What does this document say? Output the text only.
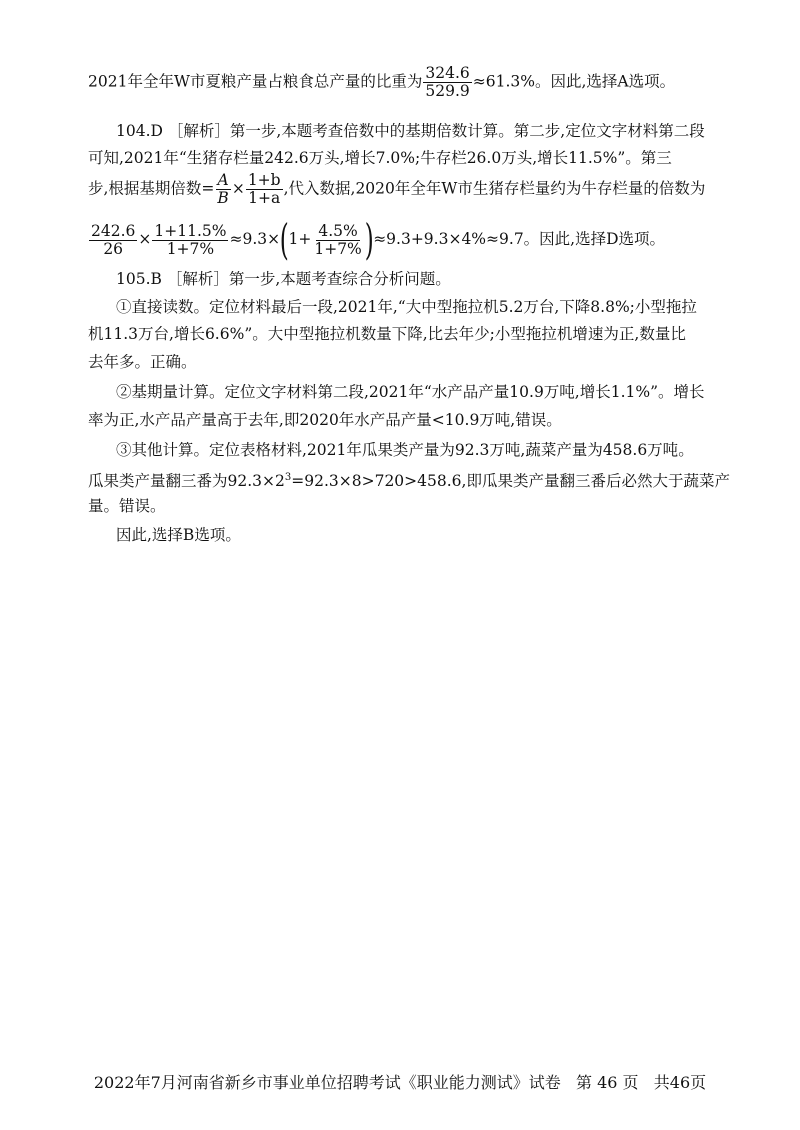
2021年全年W市夏粮产量占粮食总产量的比重为 $\frac{324.6}{529.9} \approx 61.3\%$。因此,选择A选项。
104.D ［解析］第一步,本题考查倍数中的基期倍数计算。第二步,定位文字材料第二段
可知,2021年“生猪存栏量242.6万头,增长7.0%;牛存栏26.0万头,增长11.5%”。第三
步,根据基期倍数= $\frac{A}{B} \times \frac{1+b}{1+a}$ ,代入数据,2020年全年W市生猪存栏量约为牛存栏量的倍数为
$\frac{242.6}{26} \times \frac{1+11.5\%}{1+7\%} \approx 9.3\times(1+ \frac{4.5\%}{1+7\%} )\approx 9.3+9.3\times 4\%\approx 9.7$。因此,选择D选项。
105.B ［解析］第一步,本题考查综合分析问题。
①直接读数。定位材料最后一段,2021年,“大中型拖拉机5.2万台,下降8.8%;小型拖拉
机11.3万台,增长6.6%”。大中型拖拉机数量下降,比去年少;小型拖拉机增速为正,数量比
去年多。正确。
②基期量计算。定位文字材料第二段,2021年“水产品产量10.9万吨,增长1.1%”。增长
率为正,水产品产量高于去年,即2020年水产品产量<10.9万吨,错误。
③其他计算。定位表格材料,2021年瓜果类产量为92.3万吨,蔬菜产量为458.6万吨。
瓜果类产量翻三番为$92.3\times 2^3=92.3\times 8>720>458.6$,即瓜果类产量翻三番后必然大于蔬菜产
量。错误。
因此,选择B选项。
2022年7月河南省新乡市事业单位招聘考试《职业能力测试》试卷   第 46 页   共46页
